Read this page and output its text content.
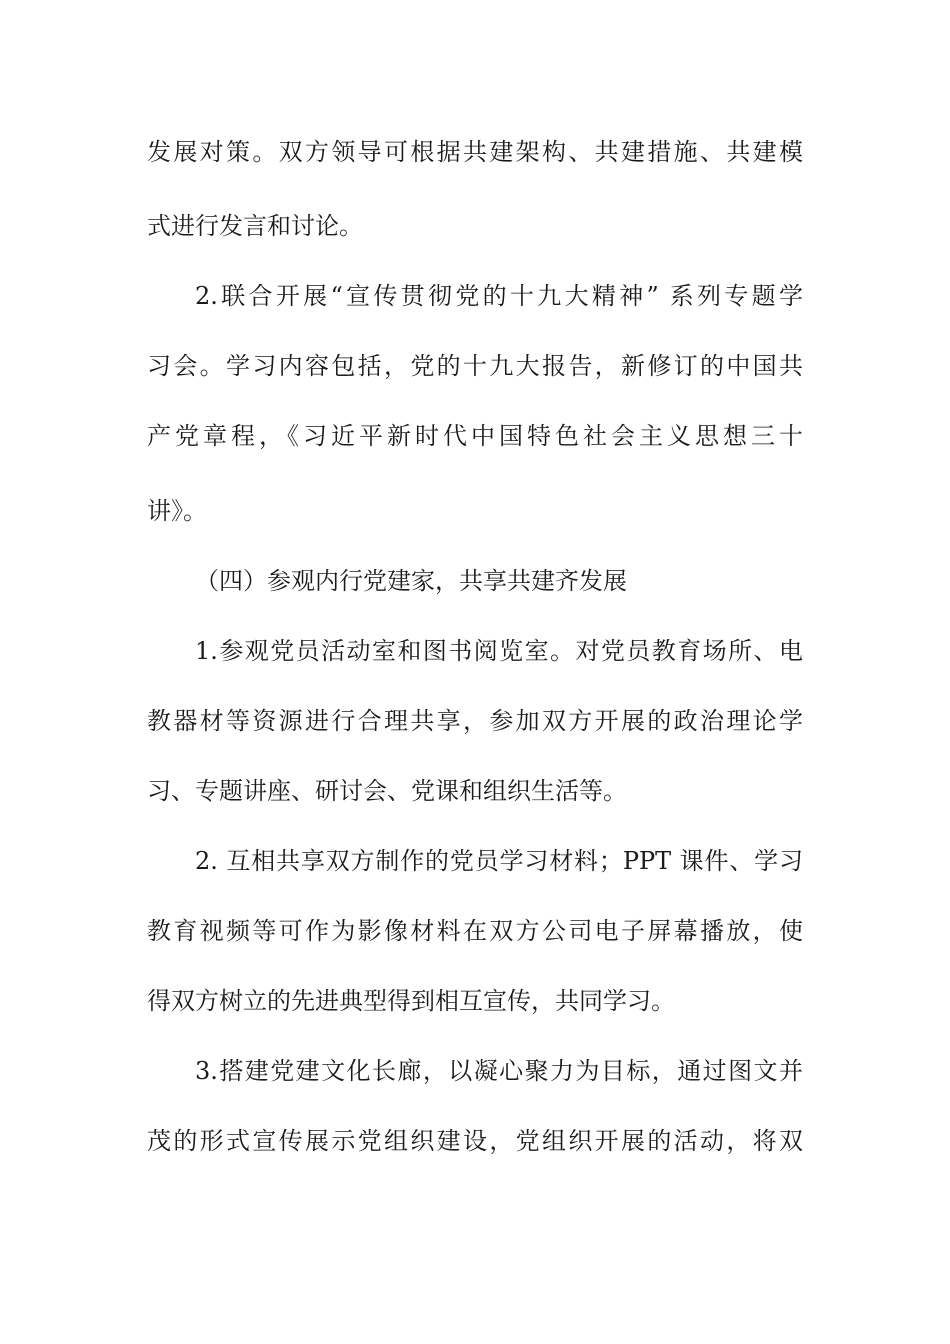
发展对策。双方领导可根据共建架构、共建措施、共建模
式进行发言和讨论。
2.联合开展“宣传贯彻党的十九大精神” 系列专题学
习会。学习内容包括，党的十九大报告，新修订的中国共
产党章程，《习近平新时代中国特色社会主义思想三十
讲》。
（四）参观内行党建家，共享共建齐发展
1.参观党员活动室和图书阅览室。对党员教育场所、电
教器材等资源进行合理共享，参加双方开展的政治理论学
习、专题讲座、研讨会、党课和组织生活等。
2. 互相共享双方制作的党员学习材料；PPT 课件、学习
教育视频等可作为影像材料在双方公司电子屏幕播放，使
得双方树立的先进典型得到相互宣传，共同学习。
3.搭建党建文化长廊，以凝心聚力为目标，通过图文并
茂的形式宣传展示党组织建设，党组织开展的活动，将双
